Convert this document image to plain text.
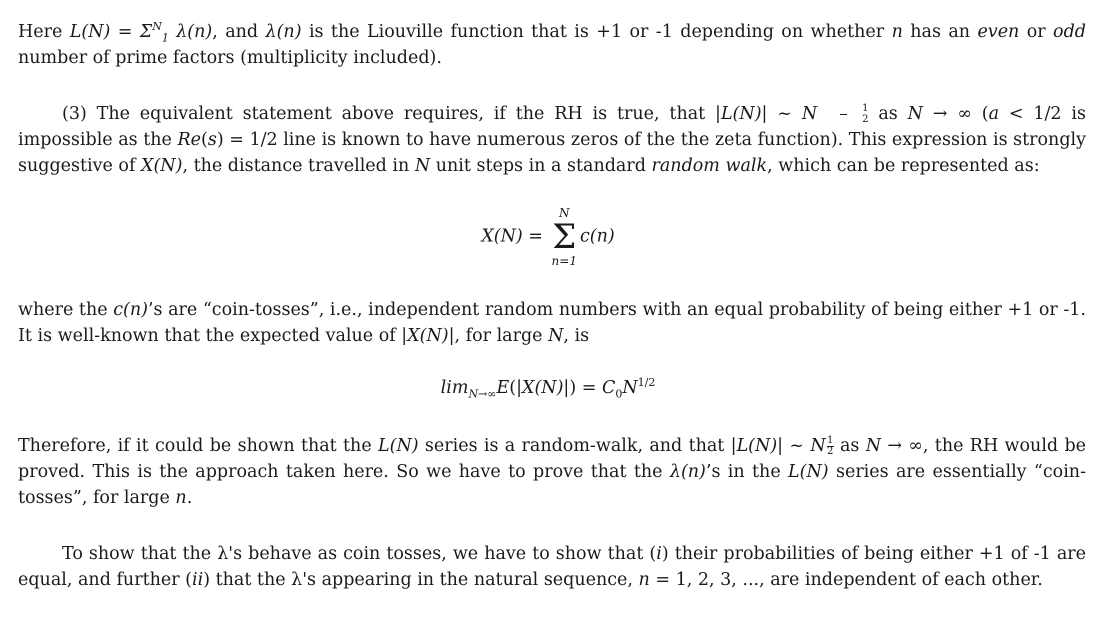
Here $L(N) = \Sigma^N_1$ λ(n), and λ(n) is the Liouville function that is +1 or -1 depending on whether n has an even or odd number of prime factors (multiplicity included).

(3) The equivalent statement above requires, if the RH is true, that |L(N)| ~ N $\frac{1}{2}$ as N → ∞ (a < 1/2 is impossible as the Re(s) = 1/2 line is known to have numerous zeros of the the zeta function). This expression is strongly suggestive of X(N), the distance travelled in N unit steps in a standard random walk, which can be represented as:

X(N) =
N
Σ
n=1
c(n)

where the c(n)’s are “coin-tosses”, i.e., independent random numbers with an equal probability of being either +1 or -1. It is well-known that the expected value of |X(N)|, for large N, is

$\lim_{N\to\infty}E(|X(N)|) = C_0N^{1/2}$

Therefore, if it could be shown that the L(N) series is a random-walk, and that |L(N)| ~ N $\frac{1}{2}$ as N → ∞, the RH would be proved. This is the approach taken here. So we have to prove that the λ(n)’s in the L(N) series are essentially “coin-tosses”, for large n.

To show that the λ's behave as coin tosses, we have to show that (i) their probabilities of being either +1 of -1 are equal, and further (ii) that the λ's appearing in the natural sequence, n = 1, 2, 3, ..., are independent of each other.
